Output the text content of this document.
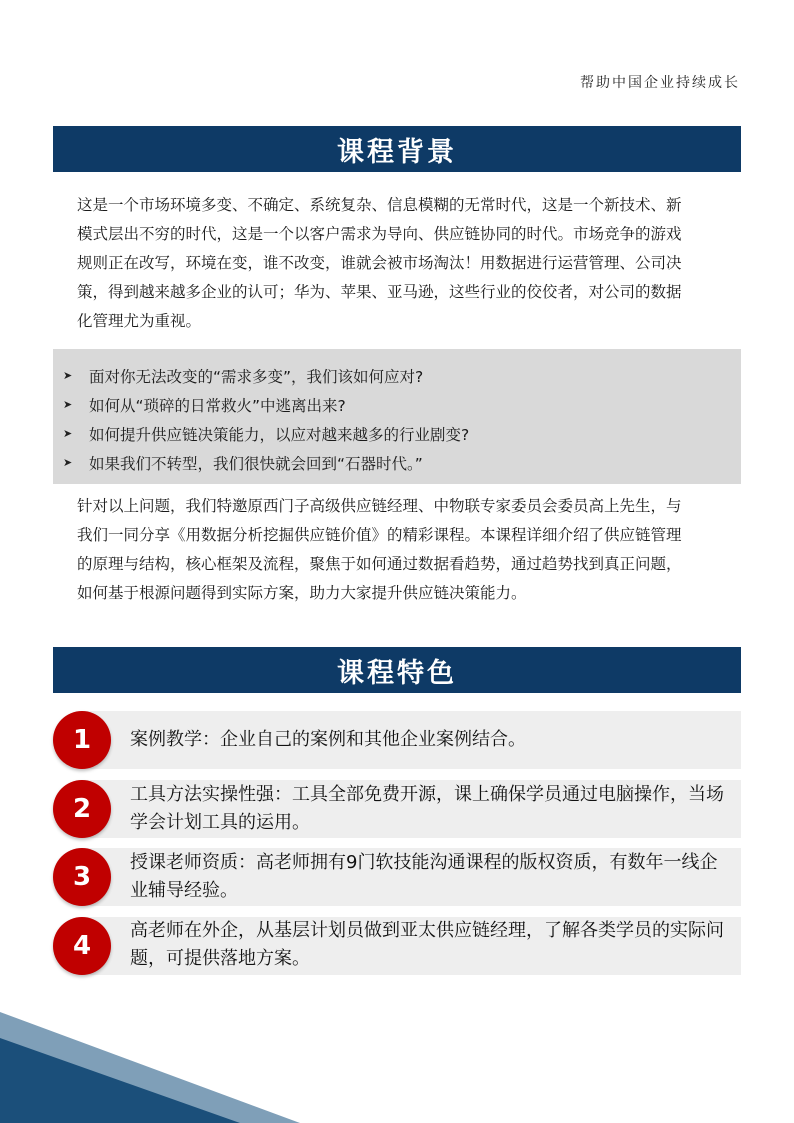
帮助中国企业持续成长
课程背景
这是一个市场环境多变、不确定、系统复杂、信息模糊的无常时代，这是一个新技术、新
模式层出不穷的时代，这是一个以客户需求为导向、供应链协同的时代。市场竞争的游戏
规则正在改写，环境在变，谁不改变，谁就会被市场淘汰！用数据进行运营管理、公司决
策，得到越来越多企业的认可；华为、苹果、亚马逊，这些行业的佼佼者，对公司的数据
化管理尤为重视。
➤	面对你无法改变的“需求多变”，我们该如何应对?
➤	如何从“琐碎的日常救火”中逃离出来?
➤	如何提升供应链决策能力，以应对越来越多的行业剧变?
➤	如果我们不转型，我们很快就会回到“石器时代。”
针对以上问题，我们特邀原西门子高级供应链经理、中物联专家委员会委员高上先生，与
我们一同分享《用数据分析挖掘供应链价值》的精彩课程。本课程详细介绍了供应链管理
的原理与结构，核心框架及流程，聚焦于如何通过数据看趋势，通过趋势找到真正问题，
如何基于根源问题得到实际方案，助力大家提升供应链决策能力。
课程特色
案例教学：企业自己的案例和其他企业案例结合。
1
工具方法实操性强：工具全部免费开源，课上确保学员通过电脑操作，当场学会计划工具的运用。
2
授课老师资质：高老师拥有9门软技能沟通课程的版权资质，有数年一线企业辅导经验。
3
高老师在外企，从基层计划员做到亚太供应链经理，了解各类学员的实际问题，可提供落地方案。
4
